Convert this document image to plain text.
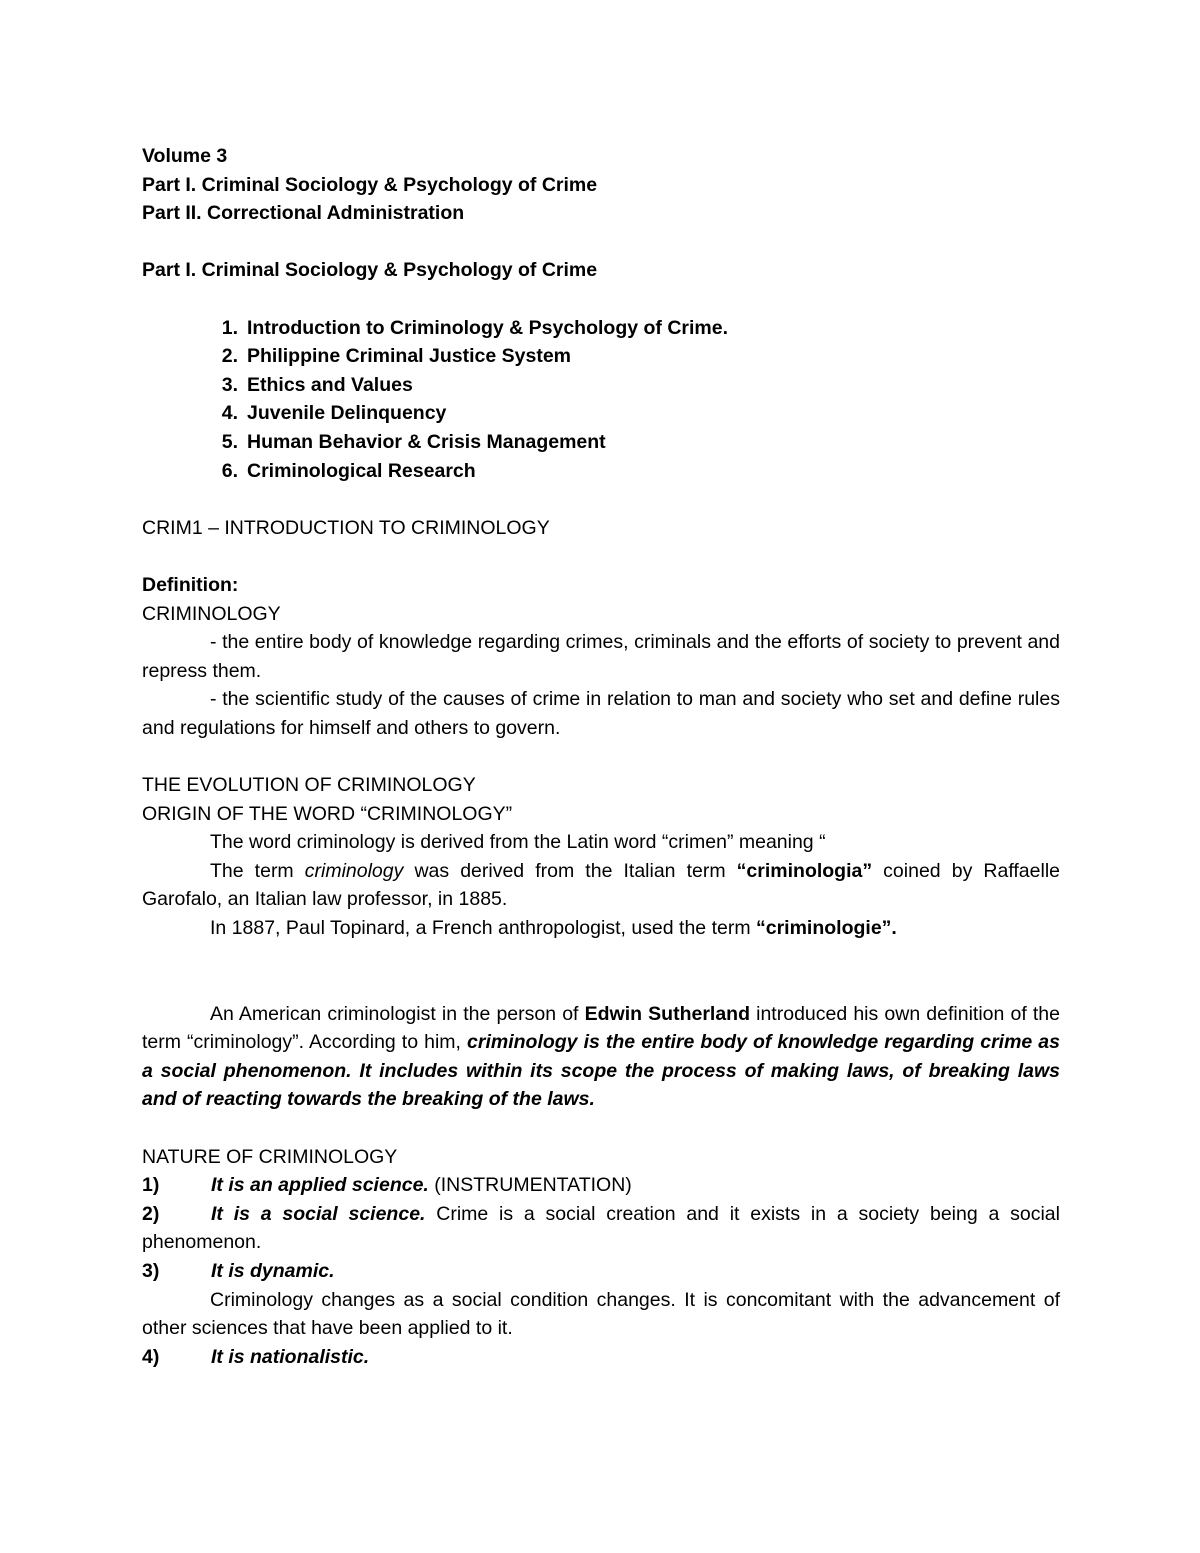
Volume 3
Part I. Criminal Sociology & Psychology of Crime
Part II. Correctional Administration
Part I. Criminal Sociology & Psychology of Crime
1. Introduction to Criminology & Psychology of Crime.
2. Philippine Criminal Justice System
3. Ethics and Values
4. Juvenile Delinquency
5. Human Behavior & Crisis Management
6. Criminological Research
CRIM1 – INTRODUCTION TO CRIMINOLOGY
Definition:
CRIMINOLOGY

- the entire body of knowledge regarding crimes, criminals and the efforts of society to prevent and repress them.

- the scientific study of the causes of crime in relation to man and society who set and define rules and regulations for himself and others to govern.

THE EVOLUTION OF CRIMINOLOGY
ORIGIN OF THE WORD “CRIMINOLOGY”
The word criminology is derived from the Latin word “crimen” meaning “

The term criminology was derived from the Italian term “criminologia” coined by Raffaelle Garofalo, an Italian law professor, in 1885.

In 1887, Paul Topinard, a French anthropologist, used the term “criminologie”.

An American criminologist in the person of Edwin Sutherland introduced his own definition of the term “criminology”. According to him, criminology is the entire body of knowledge regarding crime as a social phenomenon. It includes within its scope the process of making laws, of breaking laws and of reacting towards the breaking of the laws.

NATURE OF CRIMINOLOGY
1)	It is an applied science. (INSTRUMENTATION)

2)	It is a social science. Crime is a social creation and it exists in a society being a social phenomenon.

3)	It is dynamic.

Criminology changes as a social condition changes. It is concomitant with the advancement of other sciences that have been applied to it.

4)	It is nationalistic.
